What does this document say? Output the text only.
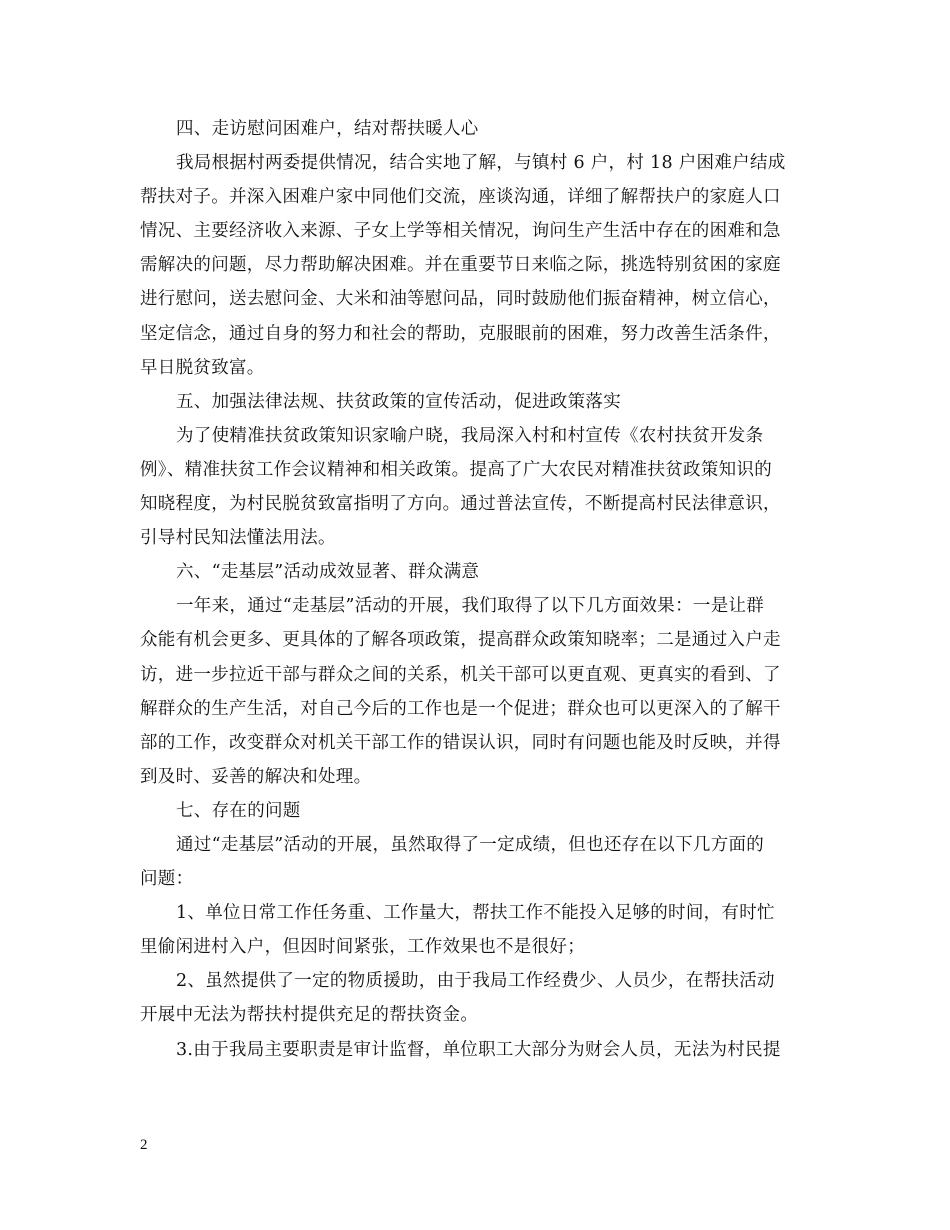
四、走访慰问困难户，结对帮扶暖人心
我局根据村两委提供情况，结合实地了解，与镇村 6 户，村 18 户困难户结成
帮扶对子。并深入困难户家中同他们交流，座谈沟通，详细了解帮扶户的家庭人口
情况、主要经济收入来源、子女上学等相关情况，询问生产生活中存在的困难和急
需解决的问题，尽力帮助解决困难。并在重要节日来临之际，挑选特别贫困的家庭
进行慰问，送去慰问金、大米和油等慰问品，同时鼓励他们振奋精神，树立信心，
坚定信念，通过自身的努力和社会的帮助，克服眼前的困难，努力改善生活条件，
早日脱贫致富。
五、加强法律法规、扶贫政策的宣传活动，促进政策落实
为了使精准扶贫政策知识家喻户晓，我局深入村和村宣传《农村扶贫开发条
例》、精准扶贫工作会议精神和相关政策。提高了广大农民对精准扶贫政策知识的
知晓程度，为村民脱贫致富指明了方向。通过普法宣传，不断提高村民法律意识，
引导村民知法懂法用法。
六、“走基层”活动成效显著、群众满意
一年来，通过“走基层”活动的开展，我们取得了以下几方面效果：一是让群
众能有机会更多、更具体的了解各项政策，提高群众政策知晓率；二是通过入户走
访，进一步拉近干部与群众之间的关系，机关干部可以更直观、更真实的看到、了
解群众的生产生活，对自己今后的工作也是一个促进；群众也可以更深入的了解干
部的工作，改变群众对机关干部工作的错误认识，同时有问题也能及时反映，并得
到及时、妥善的解决和处理。
七、存在的问题
通过“走基层”活动的开展，虽然取得了一定成绩，但也还存在以下几方面的
问题：
1、单位日常工作任务重、工作量大，帮扶工作不能投入足够的时间，有时忙
里偷闲进村入户，但因时间紧张，工作效果也不是很好；
2、虽然提供了一定的物质援助，由于我局工作经费少、人员少，在帮扶活动
开展中无法为帮扶村提供充足的帮扶资金。
3.由于我局主要职责是审计监督，单位职工大部分为财会人员，无法为村民提
2
